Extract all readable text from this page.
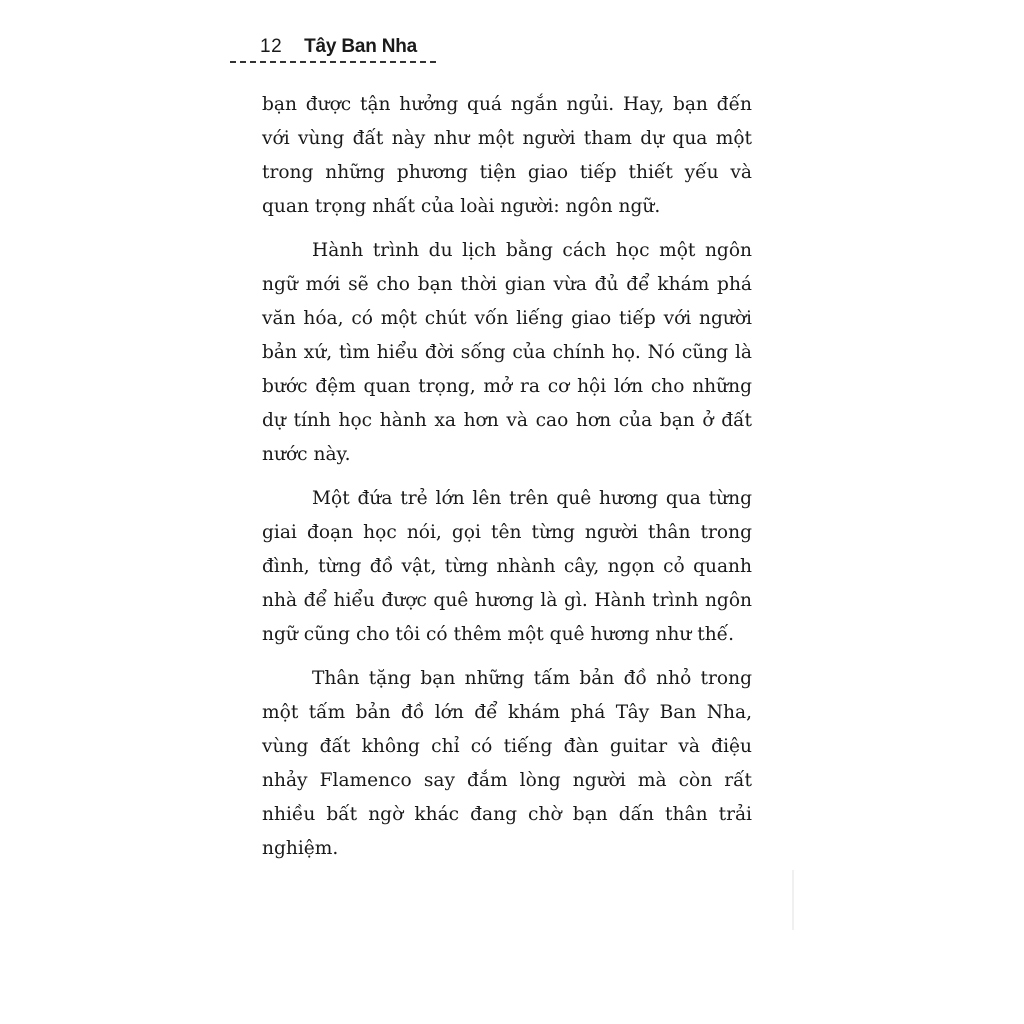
12 Tây Ban Nha

bạn được tận hưởng quá ngắn ngủi. Hay, bạn đến với vùng đất này như một người tham dự qua một trong những phương tiện giao tiếp thiết yếu và quan trọng nhất của loài người: ngôn ngữ.

Hành trình du lịch bằng cách học một ngôn ngữ mới sẽ cho bạn thời gian vừa đủ để khám phá văn hóa, có một chút vốn liếng giao tiếp với người bản xứ, tìm hiểu đời sống của chính họ. Nó cũng là bước đệm quan trọng, mở ra cơ hội lớn cho những dự tính học hành xa hơn và cao hơn của bạn ở đất nước này.

Một đứa trẻ lớn lên trên quê hương qua từng giai đoạn học nói, gọi tên từng người thân trong đình, từng đồ vật, từng nhành cây, ngọn cỏ quanh nhà để hiểu được quê hương là gì. Hành trình ngôn ngữ cũng cho tôi có thêm một quê hương như thế.

Thân tặng bạn những tấm bản đồ nhỏ trong một tấm bản đồ lớn để khám phá Tây Ban Nha, vùng đất không chỉ có tiếng đàn guitar và điệu nhảy Flamenco say đắm lòng người mà còn rất nhiều bất ngờ khác đang chờ bạn dấn thân trải nghiệm.
